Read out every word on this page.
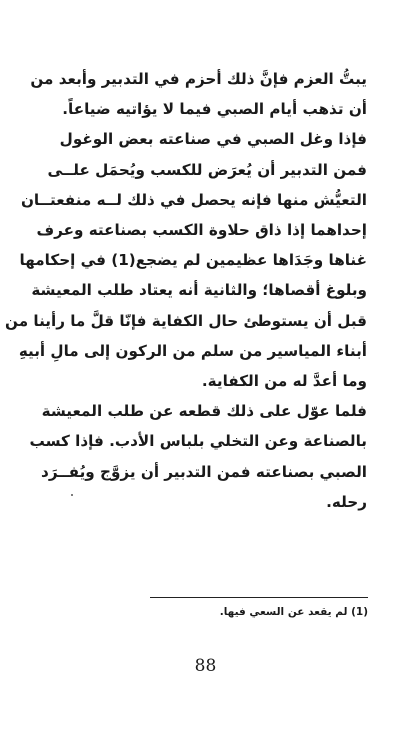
يبتُّ العزم فإنَّ ذلك أحزم في التدبير وأبعد من
أن تذهب أيام الصبي فيما لا يؤاتيه ضياعاً.
فإذا وغل الصبي في صناعته بعض الوغول
فمن التدبير أن يُعرَض للكسب ويُحمَل علــى
التعيُّش منها فإنه يحصل في ذلك لــه منفعتــان
إحداهما إذا ذاق حلاوة الكسب بصناعته وعرف
غناها وجَدَاها عظيمين لم يضجع(1) في إحكامها
وبلوغ أقصاها؛ والثانية أنه يعتاد طلب المعيشة
قبل أن يستوطئ حال الكفاية فإنّا قلَّ ما رأينا من
أبناء المياسير من سلم من الركون إلى مالِ أبيهِ
وما أعدَّ له من الكفاية.
فلما عوّل على ذلك قطعه عن طلب المعيشة
بالصناعة وعن التخلي بلباس الأدب. فإذا كسب
الصبي بصناعته فمن التدبير أن يزوَّج ويُفــرَد
رحله.
(1) لم يقعد عن السعي فيها.
88
